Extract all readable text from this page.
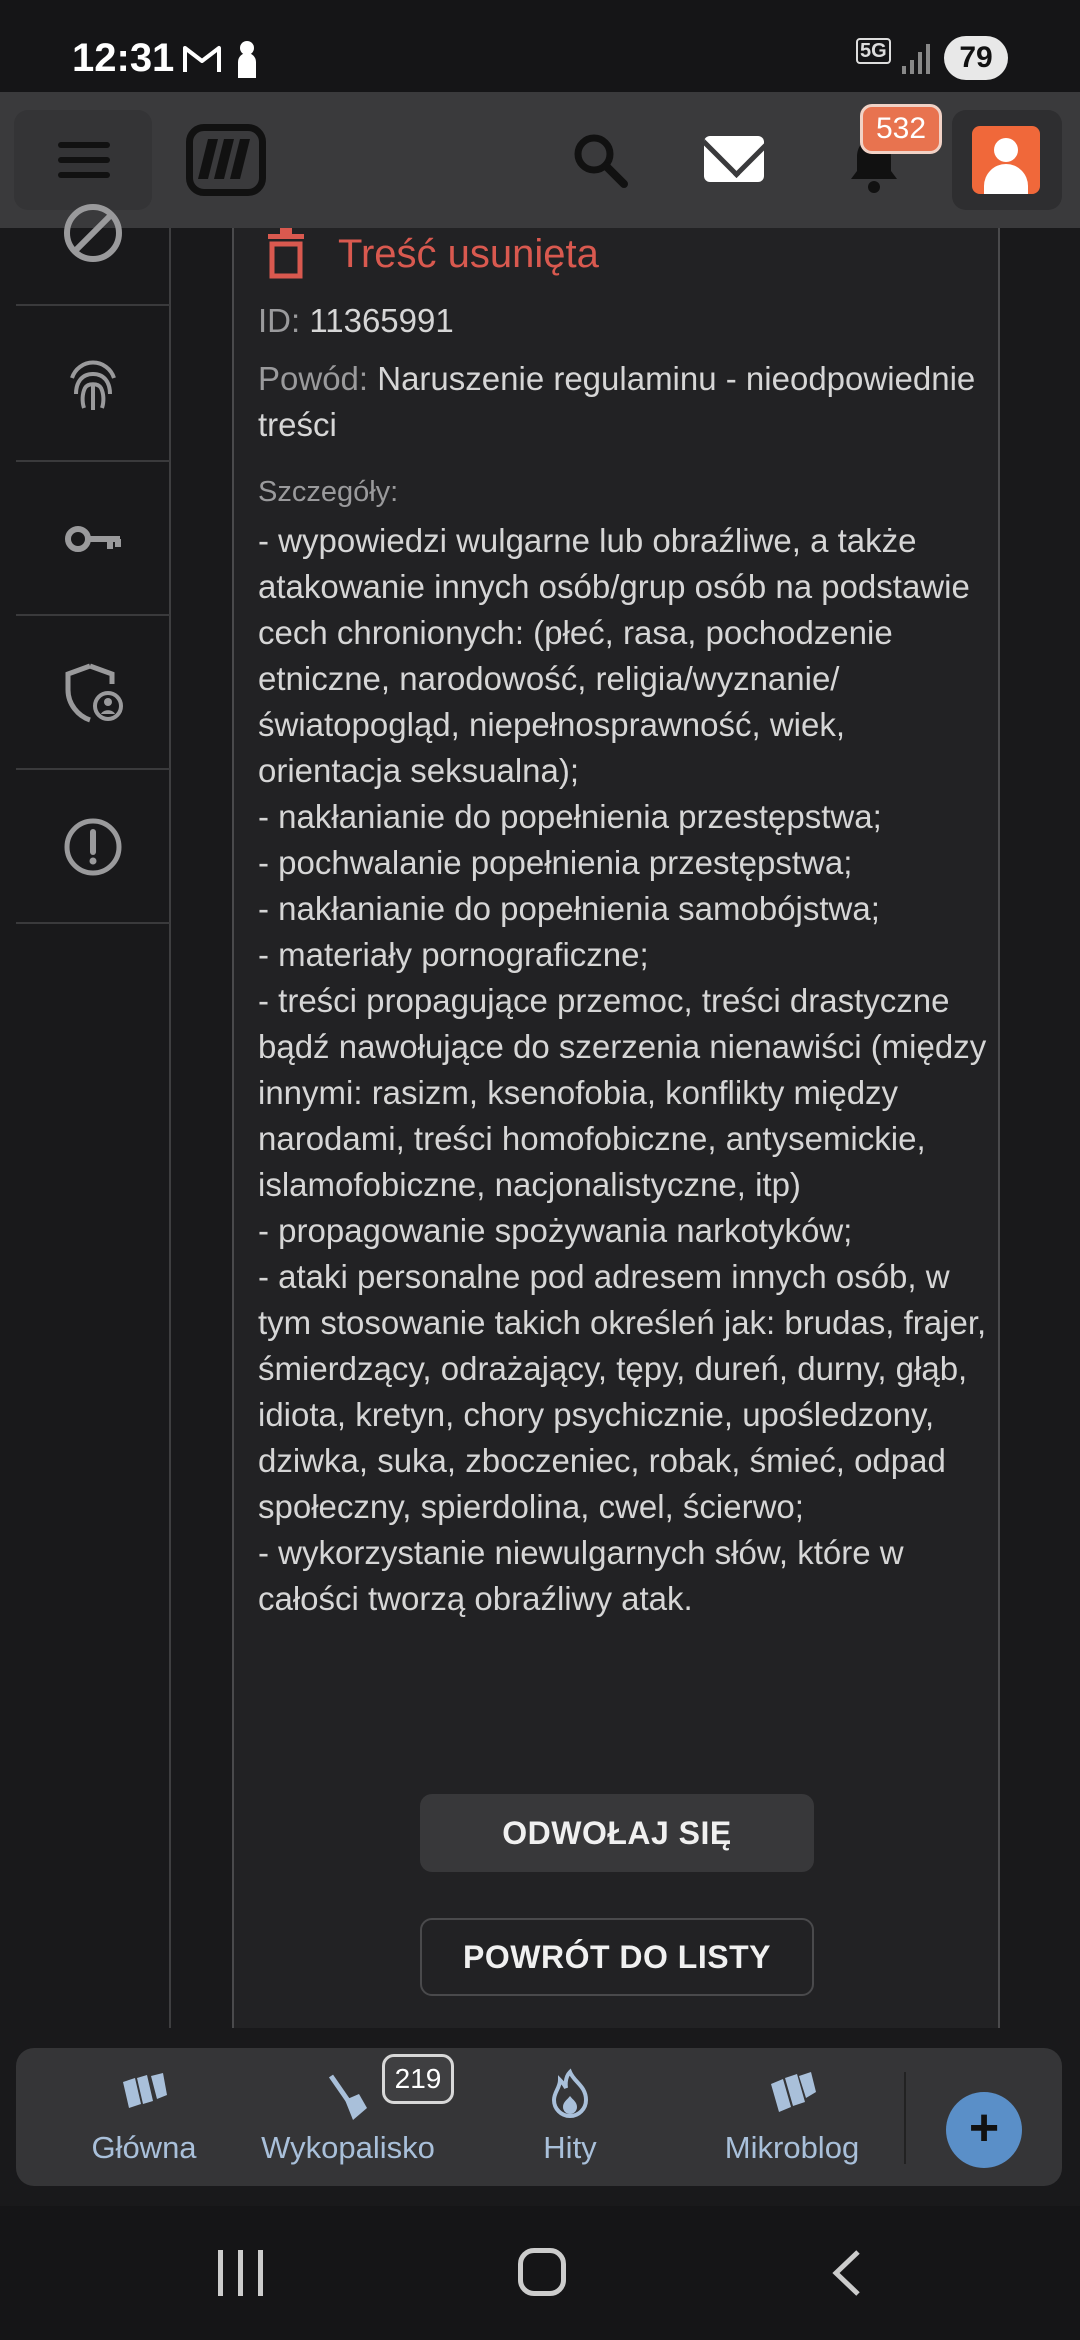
12:31	5G	79
532
Treść usunięta
ID: 11365991
Powód: Naruszenie regulaminu - nieodpowiednie treści
Szczegóły:
- wypowiedzi wulgarne lub obraźliwe, a także atakowanie innych osób/grup osób na podstawie cech chronionych: (płeć, rasa, pochodzenie etniczne, narodowość, religia/wyznanie/światopogląd, niepełnosprawność, wiek, orientacja seksualna);
- nakłanianie do popełnienia przestępstwa;
- pochwalanie popełnienia przestępstwa;
- nakłanianie do popełnienia samobójstwa;
- materiały pornograficzne;
- treści propagujące przemoc, treści drastyczne bądź nawołujące do szerzenia nienawiści (między innymi: rasizm, ksenofobia, konflikty między narodami, treści homofobiczne, antysemickie, islamofobiczne, nacjonalistyczne, itp)
- propagowanie spożywania narkotyków;
- ataki personalne pod adresem innych osób, w tym stosowanie takich określeń jak: brudas, frajer, śmierdzący, odrażający, tępy, dureń, durny, głąb, idiota, kretyn, chory psychicznie, upośledzony, dziwka, suka, zboczeniec, robak, śmieć, odpad społeczny, spierdolina, cwel, ścierwo;
- wykorzystanie niewulgarnych słów, które w całości tworzą obraźliwy atak.
ODWOŁAJ SIĘ
POWRÓT DO LISTY
Główna	Wykopalisko
219
Hity	Mikroblog	+
